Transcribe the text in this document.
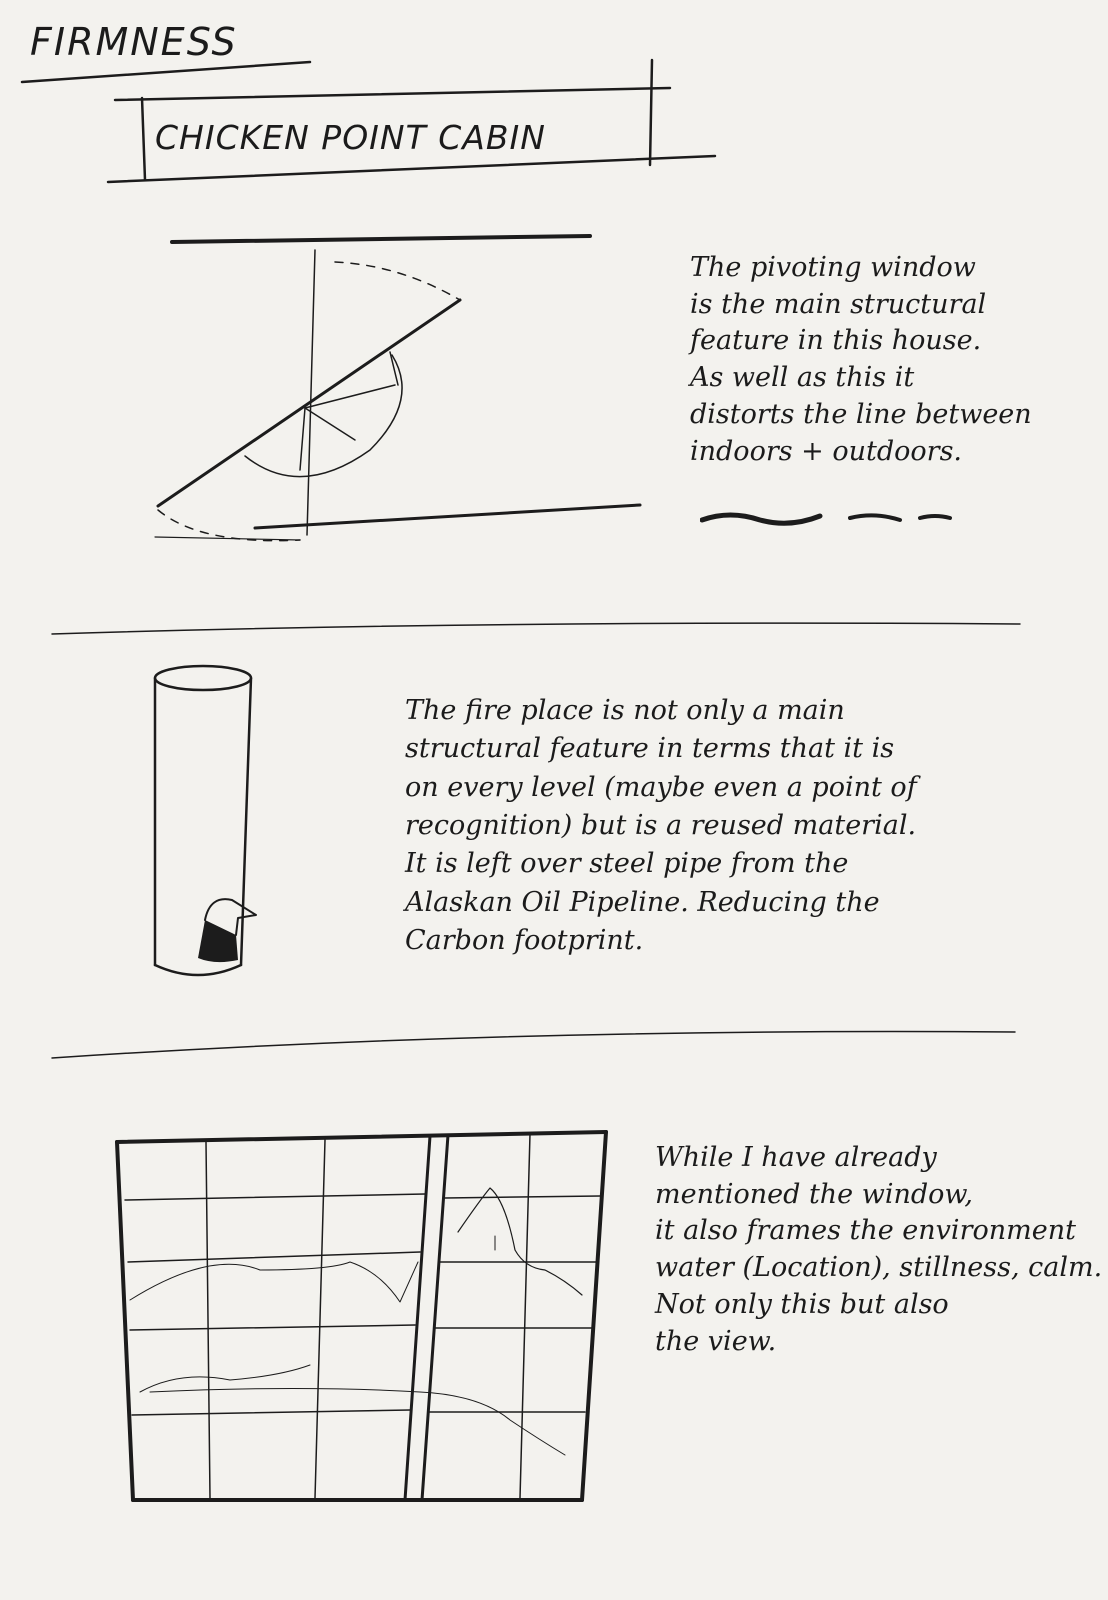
FIRMNESS
CHICKEN POINT CABIN
The pivoting window
is the main structural
feature in this house.
As well as this it
distorts the line between
indoors + outdoors.
The fire place is not only a main
structural feature in terms that it is
on every level (maybe even a point of
recognition) but is a reused material.
It is left over steel pipe from the
Alaskan Oil Pipeline. Reducing the
Carbon footprint.
While I have already
mentioned the window,
it also frames the environment
water (Location), stillness, calm.
Not only this but also
the view.
